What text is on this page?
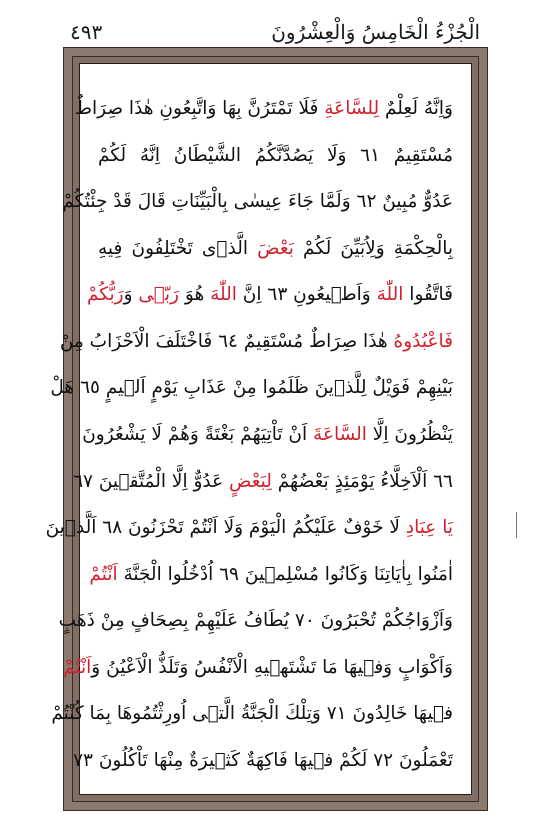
الْجُزْءُ الْخَامِسُ وَالْعِشْرُونَ
٤٩٣
وَاِنَّهُ لَعِلْمٌ لِلسَّاعَةِ فَلَا تَمْتَرُنَّ بِهَا وَاتَّبِعُونِ هٰذَا صِرَاطٌ
مُسْتَقِيمٌ ٦١ وَلَا يَصُدَّنَّكُمُ الشَّيْطَانُ اِنَّهُ لَكُمْ
عَدُوٌّ مُبِينٌ ٦٢ وَلَمَّا جَاءَ عِيسٰى بِالْبَيِّنَاتِ قَالَ قَدْ جِئْتُكُمْ
بِالْحِكْمَةِ وَلِاُبَيِّنَ لَكُمْ بَعْضَ الَّذٖى تَخْتَلِفُونَ فِيهِ
فَاتَّقُوا اللّٰهَ وَاَطٖيعُونِ ٦٣ اِنَّ اللّٰهَ هُوَ رَبّٖى وَرَبُّكُمْ
فَاعْبُدُوهُ هٰذَا صِرَاطٌ مُسْتَقِيمٌ ٦٤ فَاخْتَلَفَ الْاَحْزَابُ مِنْ
بَيْنِهِمْ فَوَيْلٌ لِلَّذٖينَ ظَلَمُوا مِنْ عَذَابِ يَوْمٍ اَلٖيمٍ ٦٥ هَلْ
يَنْظُرُونَ اِلَّا السَّاعَةَ اَنْ تَاْتِيَهُمْ بَغْتَةً وَهُمْ لَا يَشْعُرُونَ
٦٦ اَلْاَخِلَّاءُ يَوْمَئِذٍ بَعْضُهُمْ لِبَعْضٍ عَدُوٌّ اِلَّا الْمُتَّقٖينَ ٦٧
يَا عِبَادِ لَا خَوْفٌ عَلَيْكُمُ الْيَوْمَ وَلَا اَنْتُمْ تَحْزَنُونَ ٦٨ اَلَّذٖينَ
اٰمَنُوا بِاٰيَاتِنَا وَكَانُوا مُسْلِمٖينَ ٦٩ اُدْخُلُوا الْجَنَّةَ اَنْتُمْ
وَاَزْوَاجُكُمْ تُحْبَرُونَ ٧٠ يُطَافُ عَلَيْهِمْ بِصِحَافٍ مِنْ ذَهَبٍ
وَاَكْوَابٍ وَفٖيهَا مَا تَشْتَهٖيهِ الْاَنْفُسُ وَتَلَذُّ الْاَعْيُنُ وَاَنْتُمْ
فٖيهَا خَالِدُونَ ٧١ وَتِلْكَ الْجَنَّةُ الَّتٖى اُورِثْتُمُوهَا بِمَا كُنْتُمْ
تَعْمَلُونَ ٧٢ لَكُمْ فٖيهَا فَاكِهَةٌ كَثٖيرَةٌ مِنْهَا تَاْكُلُونَ ٧٣
